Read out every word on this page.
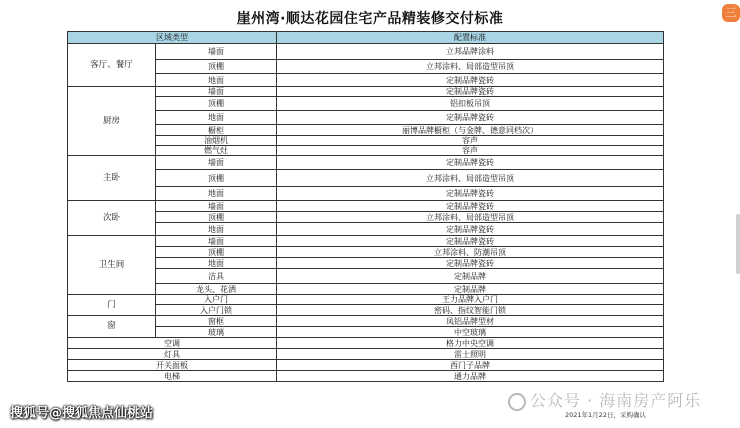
三
崖州湾·顺达花园住宅产品精装修交付标准
区域类型		配置标准
客厅、餐厅	墙面	立邦品牌涂料
	顶棚	立邦涂料、局部造型吊顶
	地面	定制品牌瓷砖
厨房	墙面	定制品牌瓷砖
	顶棚	铝扣板吊顶
	地面	定制品牌瓷砖
	橱柜	丽博品牌橱柜（与金牌、德意同档次）
	油烟机	容声
	燃气灶	容声
主卧	墙面	定制品牌瓷砖
	顶棚	立邦涂料、局部造型吊顶
	地面	定制品牌瓷砖
次卧	墙面	定制品牌瓷砖
	顶棚	立邦涂料、局部造型吊顶
	地面	定制品牌瓷砖
卫生间	墙面	定制品牌瓷砖
	顶棚	立邦涂料、防潮吊顶
	地面	定制品牌瓷砖
	洁具	定制品牌
	龙头、花洒	定制品牌
门	入户门	王力品牌入户门
	入户门锁	密码、指纹智能门锁
窗	窗框	凤铝品牌型材
	玻璃	中空玻璃
空调		格力中央空调
灯具		雷士照明
开关面板		西门子品牌
电梯		通力品牌
公众号 · 海南房产阿乐
2021年1月22日，采购确认
搜狐号@搜狐焦点仙桃站
